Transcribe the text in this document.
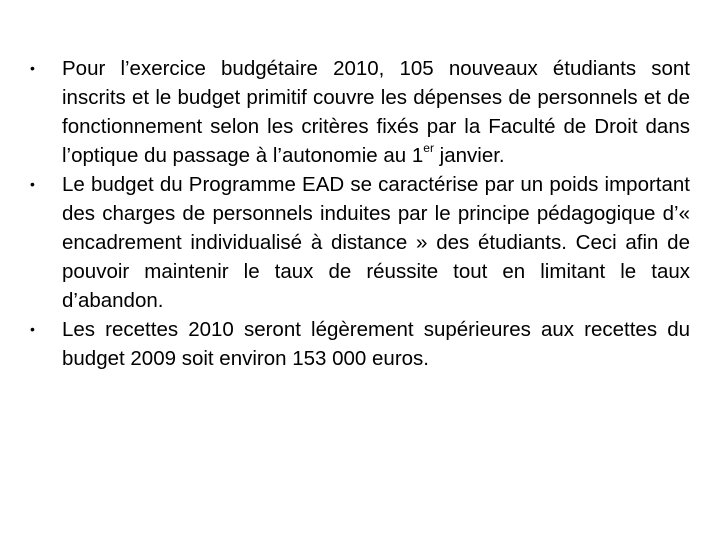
•	Pour l’exercice budgétaire 2010, 105 nouveaux étudiants sont inscrits et le budget primitif couvre les dépenses de personnels et de fonctionnement selon les critères fixés par la Faculté de Droit dans l’optique du passage à l’autonomie au 1er janvier.
•	Le budget du Programme EAD se caractérise par un poids important des charges de personnels induites par le principe pédagogique d’« encadrement individualisé à distance » des étudiants. Ceci afin de pouvoir maintenir le taux de réussite tout en limitant le taux d’abandon.
•	Les recettes 2010 seront légèrement supérieures aux recettes du budget 2009 soit environ 153 000 euros.
